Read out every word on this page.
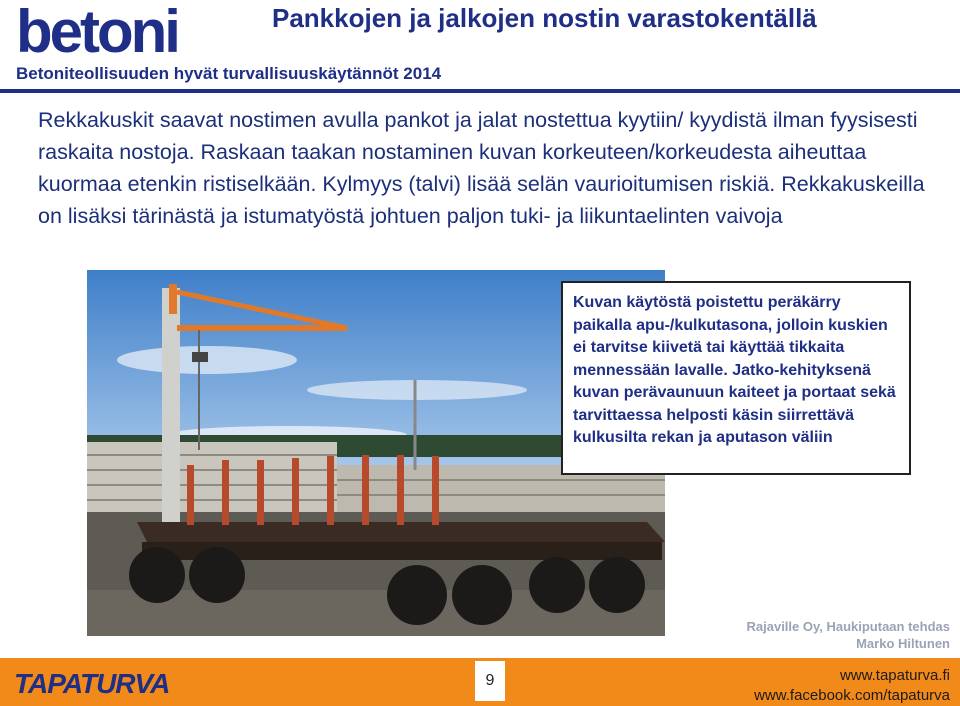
betoni	Pankkojen ja jalkojen nostin varastokentällä
Betoniteollisuuden hyvät turvallisuuskäytännöt 2014

Rekkakuskit saavat nostimen avulla pankot ja jalat nostettua kyytiin/ kyydistä ilman fyysisesti raskaita nostoja. Raskaan taakan nostaminen kuvan korkeuteen/korkeudesta aiheuttaa kuormaa etenkin ristiselkään. Kylmyys (talvi) lisää selän vaurioitumisen riskiä. Rekkakuskeilla on lisäksi tärinästä ja istumatyöstä johtuen paljon tuki- ja liikuntaelinten vaivoja

Kuvan käytöstä poistettu peräkärry paikalla apu-/kulkutasona, jolloin kuskien ei tarvitse kiivetä tai käyttää tikkaita mennessään lavalle. Jatko-kehityksenä kuvan perävaunuun kaiteet ja portaat sekä tarvittaessa helposti käsin siirrettävä kulkusilta rekan ja aputason väliin
Rajaville Oy, Haukiputaan tehdas
Marko Hiltunen
TAPATURVA	9	www.tapaturva.fi
www.facebook.com/tapaturva
